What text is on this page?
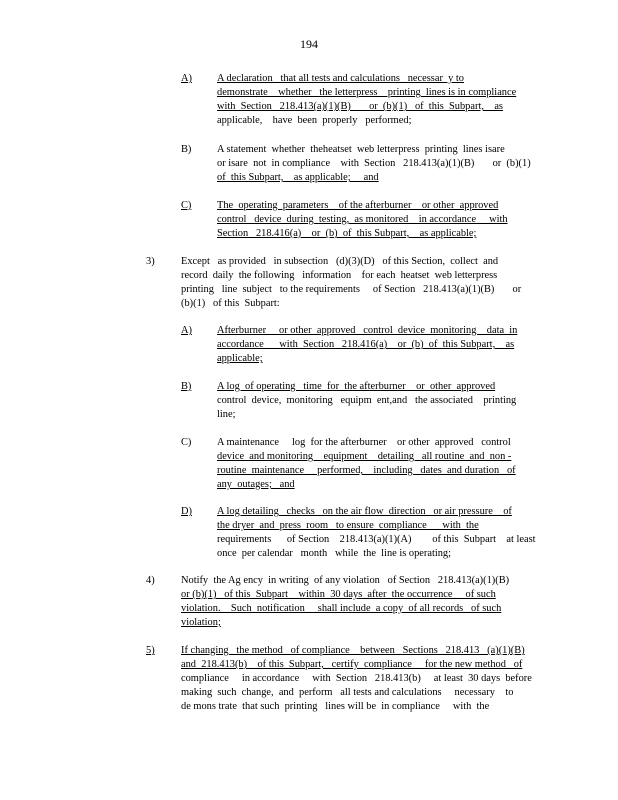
194
A) A declaration   that all tests and calculations   necessar  y to
demonstrate    whether   the letterpress    printing  lines is in compliance
with  Section   218.413(a)(1)(B)       or  (b)(1)   of  this  Subpart,    as
applicable,    have  been  properly   performed;
B) A statement  whether  theheatset  web letterpress  printing  lines isare
or isare  not  in compliance    with  Section   218.413(a)(1)(B)       or  (b)(1)
of  this Subpart,    as applicable;     and
C) The  operating  parameters    of the afterburner    or other  approved
control   device  during  testing,  as monitored    in accordance     with
Section   218.416(a)    or  (b)  of  this Subpart,    as applicable;
3)	Except   as provided   in subsection   (d)(3)(D)   of this Section,  collect  and
record  daily  the following   information    for each  heatset  web letterpress
printing   line  subject   to the requirements     of Section   218.413(a)(1)(B)       or
(b)(1)   of this  Subpart:
A) Afterburner     or other  approved   control  device  monitoring    data  in
accordance      with  Section   218.416(a)    or  (b)  of  this Subpart,    as
applicable;
B) A log  of operating   time  for  the afterburner    or  other  approved
control  device,  monitoring   equipm  ent,and   the associated    printing
line;
C) A maintenance     log  for the afterburner    or other  approved   control
device  and monitoring    equipment    detailing   all routine  and  non -
routine  maintenance     performed,    including   dates  and duration   of
any  outages;   and
D) A log detailing   checks   on the air flow  direction   or air pressure    of
the dryer  and  press  room   to ensure  compliance      with  the
requirements      of Section    218.413(a)(1)(A)        of this  Subpart    at least
once  per calendar   month   while  the  line is operating;
4)	Notify  the Ag ency  in writing  of any violation   of Section   218.413(a)(1)(B)
or (b)(1)   of this  Subpart    within  30 days  after  the occurrence     of such
violation.    Such  notification     shall include  a copy  of all records   of such
violation;
5)	If changing   the method   of compliance    between   Sections   218.413   (a)(1)(B)
and  218.413(b)    of this  Subpart,   certify  compliance     for the new method   of
compliance     in accordance     with  Section   218.413(b)     at least  30 days  before
making  such  change,  and  perform   all tests and calculations     necessary    to
de mons trate  that such  printing   lines will be  in compliance     with  the
